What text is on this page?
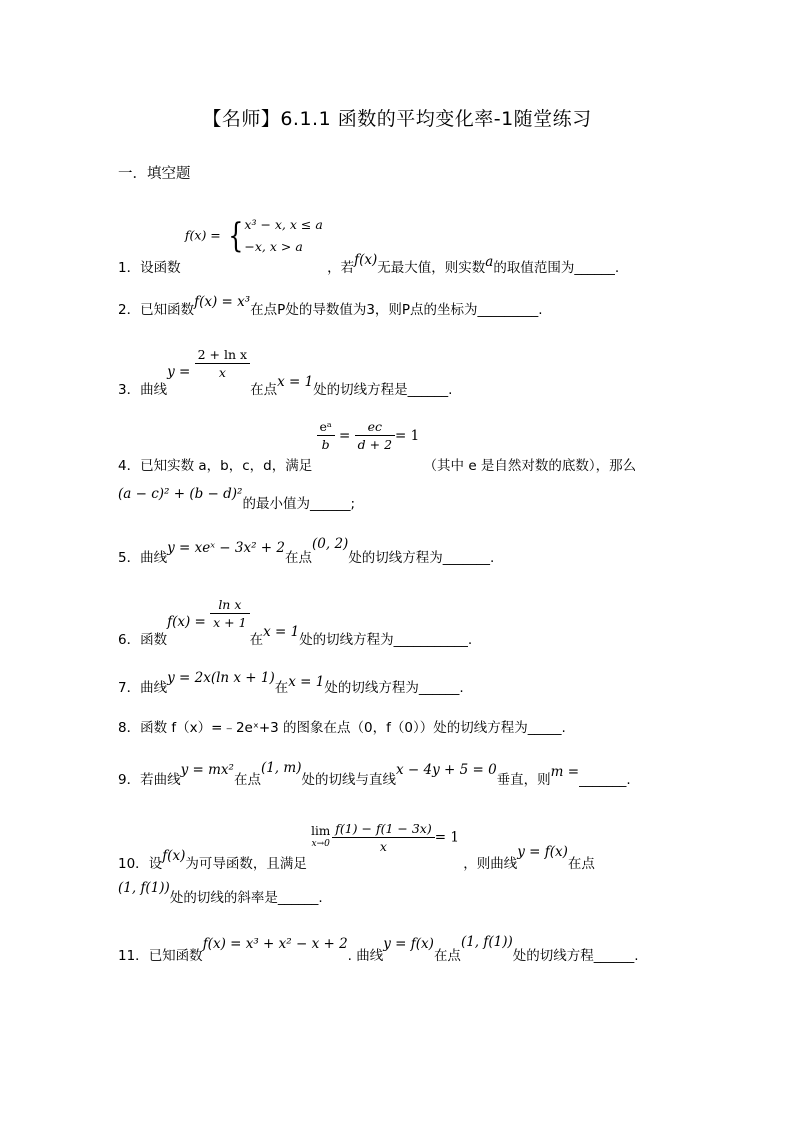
【名师】6.1.1 函数的平均变化率-1随堂练习
一．填空题
1．设函数 f(x) = { x³ − x, x ≤ a
−x, x > a
，若f(x)无最大值，则实数a的取值范围为______.
2．已知函数f(x) = x³在点P处的导数值为3，则P点的坐标为_________.
3．曲线$y = \frac{\text{2 + ln x}}{x}$
在点x = 1处的切线方程是______.
4．已知实数 a，b，c，d，满足
$\frac{\text{eᵃ}}{b} = \frac{ec}{d + 2} = 1$ （其中 e 是自然对数的底数），那么
(a − c)² + (b − d)²的最小值为______;
5．曲线y = xeˣ − 3x² + 2在点(0, 2)处的切线方程为_______.
6．函数$f(x) = \frac{\text{ln x}}{x + 1}$
在x = 1处的切线方程为___________.
7．曲线y = 2x(ln x + 1)在x = 1处的切线方程为______.
8．函数 f（x）=﹣2eˣ+3 的图象在点（0，f（0））处的切线方程为_____.
9．若曲线y = mx²在点(1, m)处的切线与直线x − 4y + 5 = 0垂直，则m =_______.
10．设f(x)为可导函数，且满足
lim
$x\to 0 \frac{f(1) - f(1 - 3x)}{x} = 1$ ，则曲线y = f(x)在点
(1, f(1))处的切线的斜率是______.
11．已知函数f(x) = x³ + x² − x + 2. 曲线y = f(x)在点(1, f(1))处的切线方程______.
